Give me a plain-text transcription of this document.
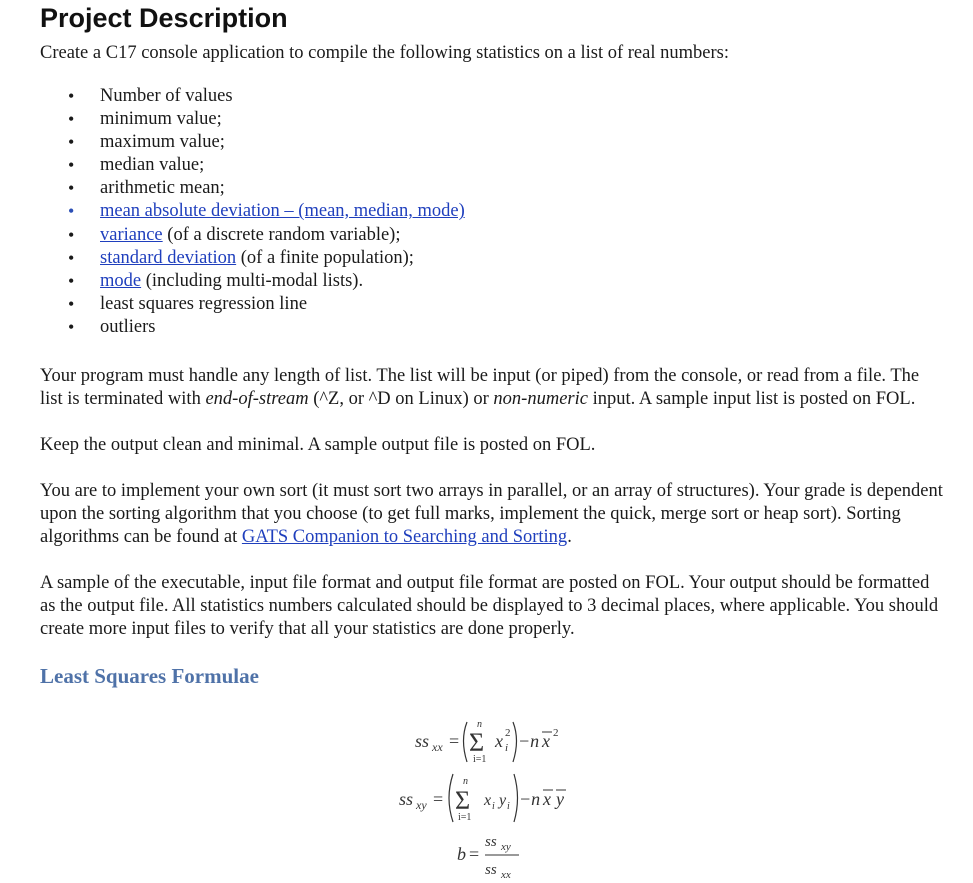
Project Description

Create a C17 console application to compile the following statistics on a list of real numbers:

• Number of values
• minimum value;
• maximum value;
• median value;
• arithmetic mean;
• mean absolute deviation – (mean, median, mode)
• variance (of a discrete random variable);
• standard deviation (of a finite population);
• mode (including multi-modal lists).
• least squares regression line
• outliers

Your program must handle any length of list. The list will be input (or piped) from the console, or read from a file. The list is terminated with end-of-stream (^Z, or ^D on Linux) or non-numeric input. A sample input list is posted on FOL.

Keep the output clean and minimal. A sample output file is posted on FOL.

You are to implement your own sort (it must sort two arrays in parallel, or an array of structures). Your grade is dependent upon the sorting algorithm that you choose (to get full marks, implement the quick, merge sort or heap sort). Sorting algorithms can be found at GATS Companion to Searching and Sorting.

A sample of the executable, input file format and output file format are posted on FOL. Your output should be formatted as the output file. All statistics numbers calculated should be displayed to 3 decimal places, where applicable. You should create more input files to verify that all your statistics are done properly.

Least Squares Formulae
ss xx =
n
Σ
i=1
x i
2 −n x 2
ss xy =
n
Σ
i=1
x i y i −n x y
b =
ss xy
ss xx
